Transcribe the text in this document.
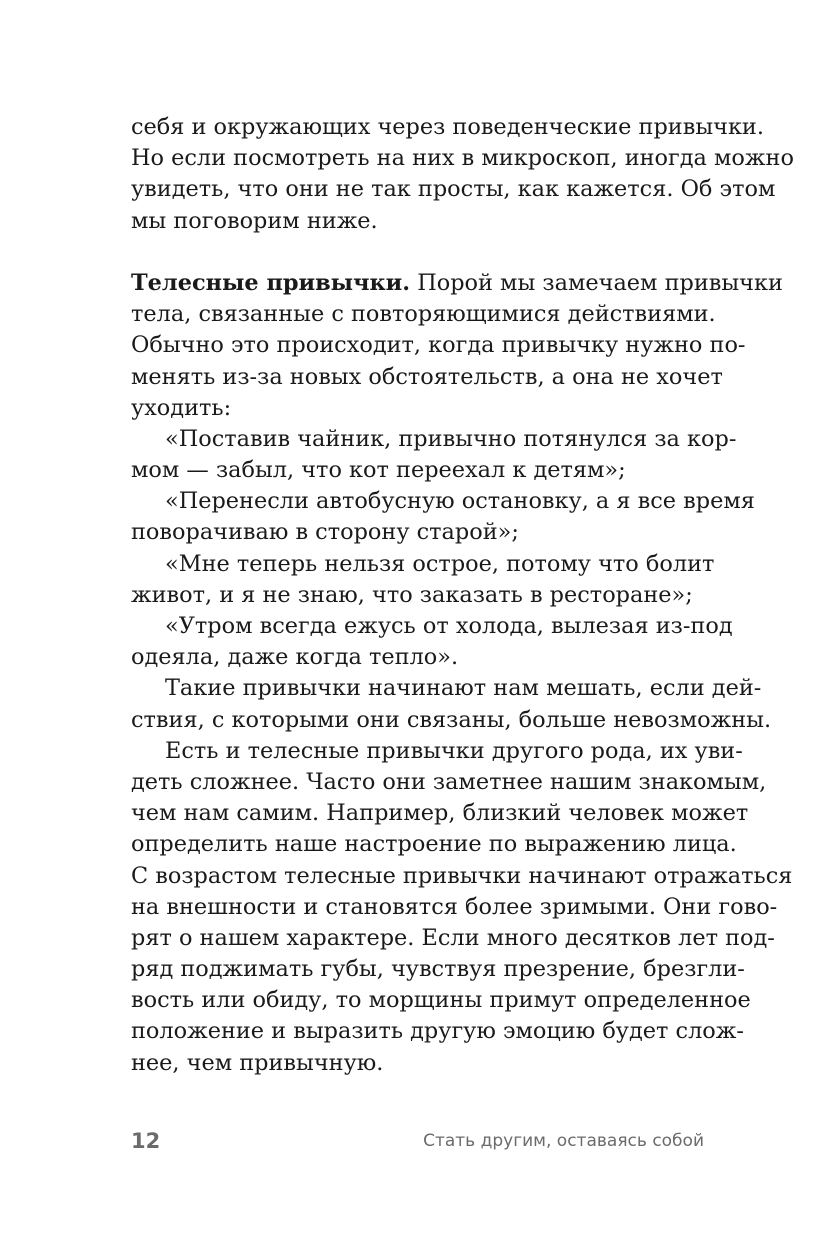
себя и окружающих через поведенческие привычки.
Но если посмотреть на них в микроскоп, иногда можно
увидеть, что они не так просты, как кажется. Об этом
мы поговорим ниже.
Телесные привычки. Порой мы замечаем привычки
тела, связанные с повторяющимися действиями.
Обычно это происходит, когда привычку нужно по-
менять из-за новых обстоятельств, а она не хочет
уходить:
«Поставив чайник, привычно потянулся за кор-
мом — забыл, что кот переехал к детям»;
«Перенесли автобусную остановку, а я все время
поворачиваю в сторону старой»;
«Мне теперь нельзя острое, потому что болит
живот, и я не знаю, что заказать в ресторане»;
«Утром всегда ежусь от холода, вылезая из-под
одеяла, даже когда тепло».
Такие привычки начинают нам мешать, если дей-
ствия, с которыми они связаны, больше невозможны.
Есть и телесные привычки другого рода, их уви-
деть сложнее. Часто они заметнее нашим знакомым,
чем нам самим. Например, близкий человек может
определить наше настроение по выражению лица.
С возрастом телесные привычки начинают отражаться
на внешности и становятся более зримыми. Они гово-
рят о нашем характере. Если много десятков лет под-
ряд поджимать губы, чувствуя презрение, брезгли-
вость или обиду, то морщины примут определенное
положение и выразить другую эмоцию будет слож-
нее, чем привычную.
12	Стать другим, оставаясь собой
